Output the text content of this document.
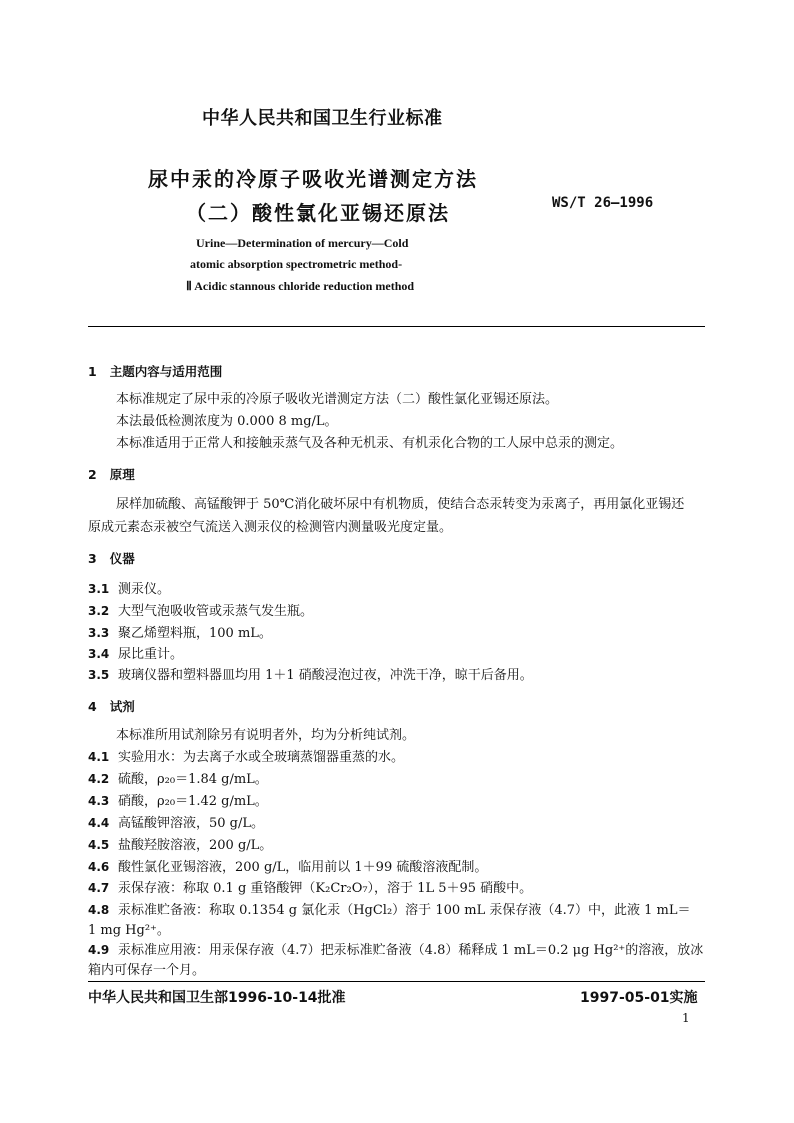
中华人民共和国卫生行业标准
尿中汞的冷原子吸收光谱测定方法
（二）酸性氯化亚锡还原法	WS/T 26—1996
Urine—Determination of mercury—Cold
atomic absorption spectrometric method-
Ⅱ Acidic stannous chloride reduction method
1 主题内容与适用范围
本标准规定了尿中汞的冷原子吸收光谱测定方法（二）酸性氯化亚锡还原法。
本法最低检测浓度为 0.000 8 mg/L。
本标准适用于正常人和接触汞蒸气及各种无机汞、有机汞化合物的工人尿中总汞的测定。
2 原理
尿样加硫酸、高锰酸钾于 50℃消化破坏尿中有机物质，使结合态汞转变为汞离子，再用氯化亚锡还
原成元素态汞被空气流送入测汞仪的检测管内测量吸光度定量。
3 仪器
3.1 测汞仪。
3.2 大型气泡吸收管或汞蒸气发生瓶。
3.3 聚乙烯塑料瓶，100 mL。
3.4 尿比重计。
3.5 玻璃仪器和塑料器皿均用 1＋1 硝酸浸泡过夜，冲洗干净，晾干后备用。
4 试剂
本标准所用试剂除另有说明者外，均为分析纯试剂。
4.1 实验用水：为去离子水或全玻璃蒸馏器重蒸的水。
4.2 硫酸，ρ₂₀＝1.84 g/mL。
4.3 硝酸，ρ₂₀＝1.42 g/mL。
4.4 高锰酸钾溶液，50 g/L。
4.5 盐酸羟胺溶液，200 g/L。
4.6 酸性氯化亚锡溶液，200 g/L，临用前以 1＋99 硫酸溶液配制。
4.7 汞保存液：称取 0.1 g 重铬酸钾（K₂Cr₂O₇），溶于 1L 5＋95 硝酸中。
4.8 汞标准贮备液：称取 0.1354 g 氯化汞（HgCl₂）溶于 100 mL 汞保存液（4.7）中，此液 1 mL＝
1 mg Hg²⁺。
4.9 汞标准应用液：用汞保存液（4.7）把汞标准贮备液（4.8）稀释成 1 mL＝0.2 μg Hg²⁺的溶液，放冰
箱内可保存一个月。
中华人民共和国卫生部1996-10-14批准	1997-05-01实施
1
